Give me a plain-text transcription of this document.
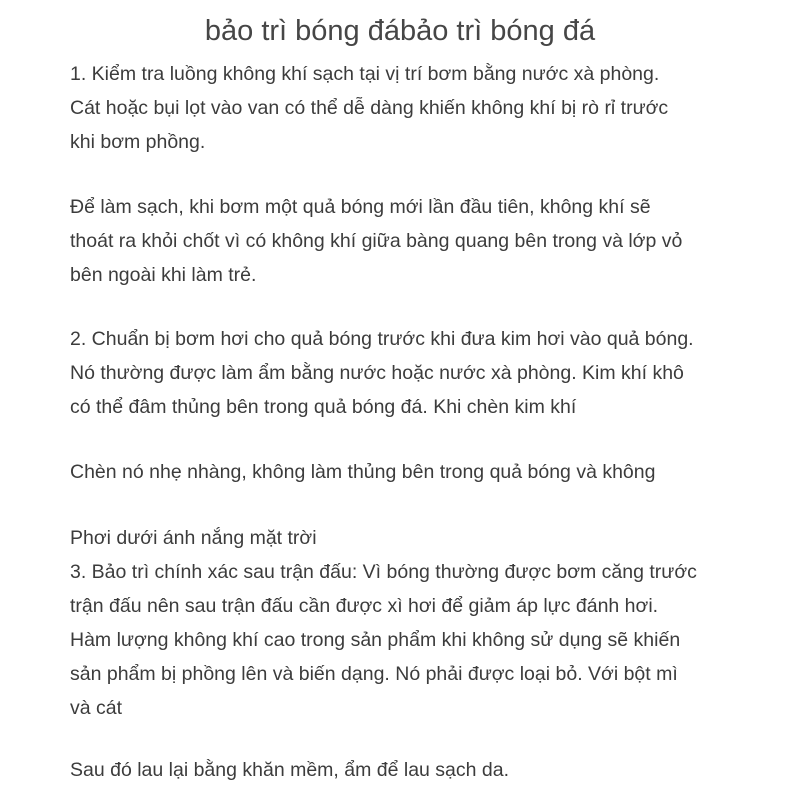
bảo trì bóng đábảo trì bóng đá
1. Kiểm tra luồng không khí sạch tại vị trí bơm bằng nước xà phòng.
Cát hoặc bụi lọt vào van có thể dễ dàng khiến không khí bị rò rỉ trước
khi bơm phồng.
Để làm sạch, khi bơm một quả bóng mới lần đầu tiên, không khí sẽ
thoát ra khỏi chốt vì có không khí giữa bàng quang bên trong và lớp vỏ
bên ngoài khi làm trẻ.
2. Chuẩn bị bơm hơi cho quả bóng trước khi đưa kim hơi vào quả bóng.
Nó thường được làm ẩm bằng nước hoặc nước xà phòng. Kim khí khô
có thể đâm thủng bên trong quả bóng đá. Khi chèn kim khí
Chèn nó nhẹ nhàng, không làm thủng bên trong quả bóng và không
Phơi dưới ánh nắng mặt trời
3. Bảo trì chính xác sau trận đấu: Vì bóng thường được bơm căng trước
trận đấu nên sau trận đấu cần được xì hơi để giảm áp lực đánh hơi.
Hàm lượng không khí cao trong sản phẩm khi không sử dụng sẽ khiến
sản phẩm bị phồng lên và biến dạng. Nó phải được loại bỏ. Với bột mì
và cát
Sau đó lau lại bằng khăn mềm, ẩm để lau sạch da.
